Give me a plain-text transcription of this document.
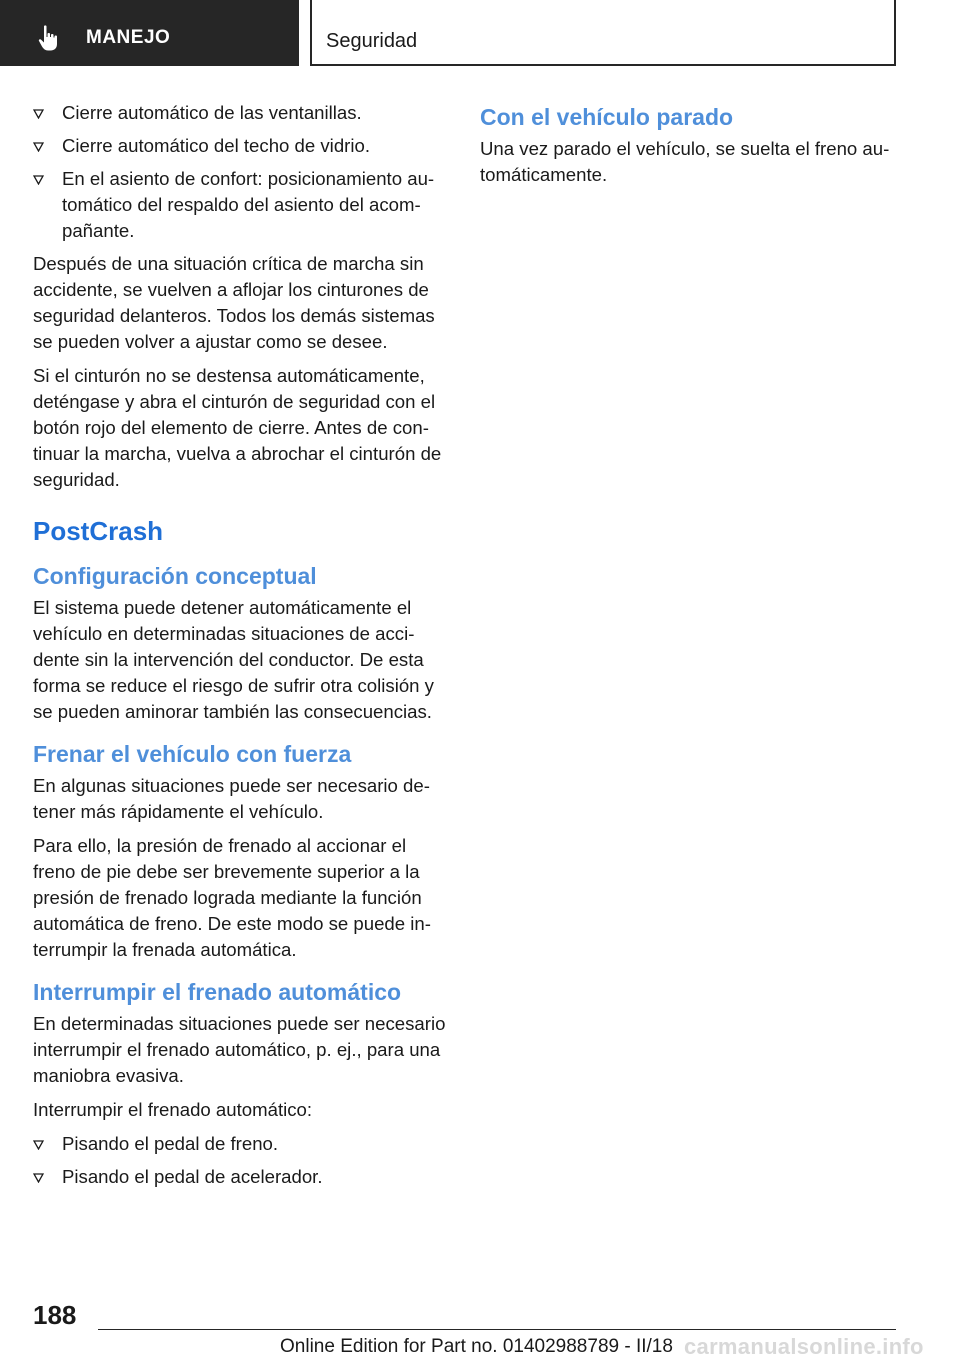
MANEJO	Seguridad
Cierre automático de las ventanillas.
Cierre automático del techo de vidrio.
En el asiento de confort: posicionamiento automático del respaldo del asiento del acompañante.

Después de una situación crítica de marcha sin accidente, se vuelven a aflojar los cinturones de seguridad delanteros. Todos los demás sistemas se pueden volver a ajustar como se desee.

Si el cinturón no se destensa automáticamente, deténgase y abra el cinturón de seguridad con el botón rojo del elemento de cierre. Antes de continuar la marcha, vuelva a abrochar el cinturón de seguridad.

PostCrash
Configuración conceptual

El sistema puede detener automáticamente el vehículo en determinadas situaciones de accidente sin la intervención del conductor. De esta forma se reduce el riesgo de sufrir otra colisión y se pueden aminorar también las consecuencias.

Frenar el vehículo con fuerza

En algunas situaciones puede ser necesario detener más rápidamente el vehículo.

Para ello, la presión de frenado al accionar el freno de pie debe ser brevemente superior a la presión de frenado lograda mediante la función automática de freno. De este modo se puede interrumpir la frenada automática.

Interrumpir el frenado automático

En determinadas situaciones puede ser necesario interrumpir el frenado automático, p. ej., para una maniobra evasiva.

Interrumpir el frenado automático:

Pisando el pedal de freno.
Pisando el pedal de acelerador.
Con el vehículo parado

Una vez parado el vehículo, se suelta el freno automáticamente.

188
Online Edition for Part no. 01402988789 - II/18 carmanualsonline.info
